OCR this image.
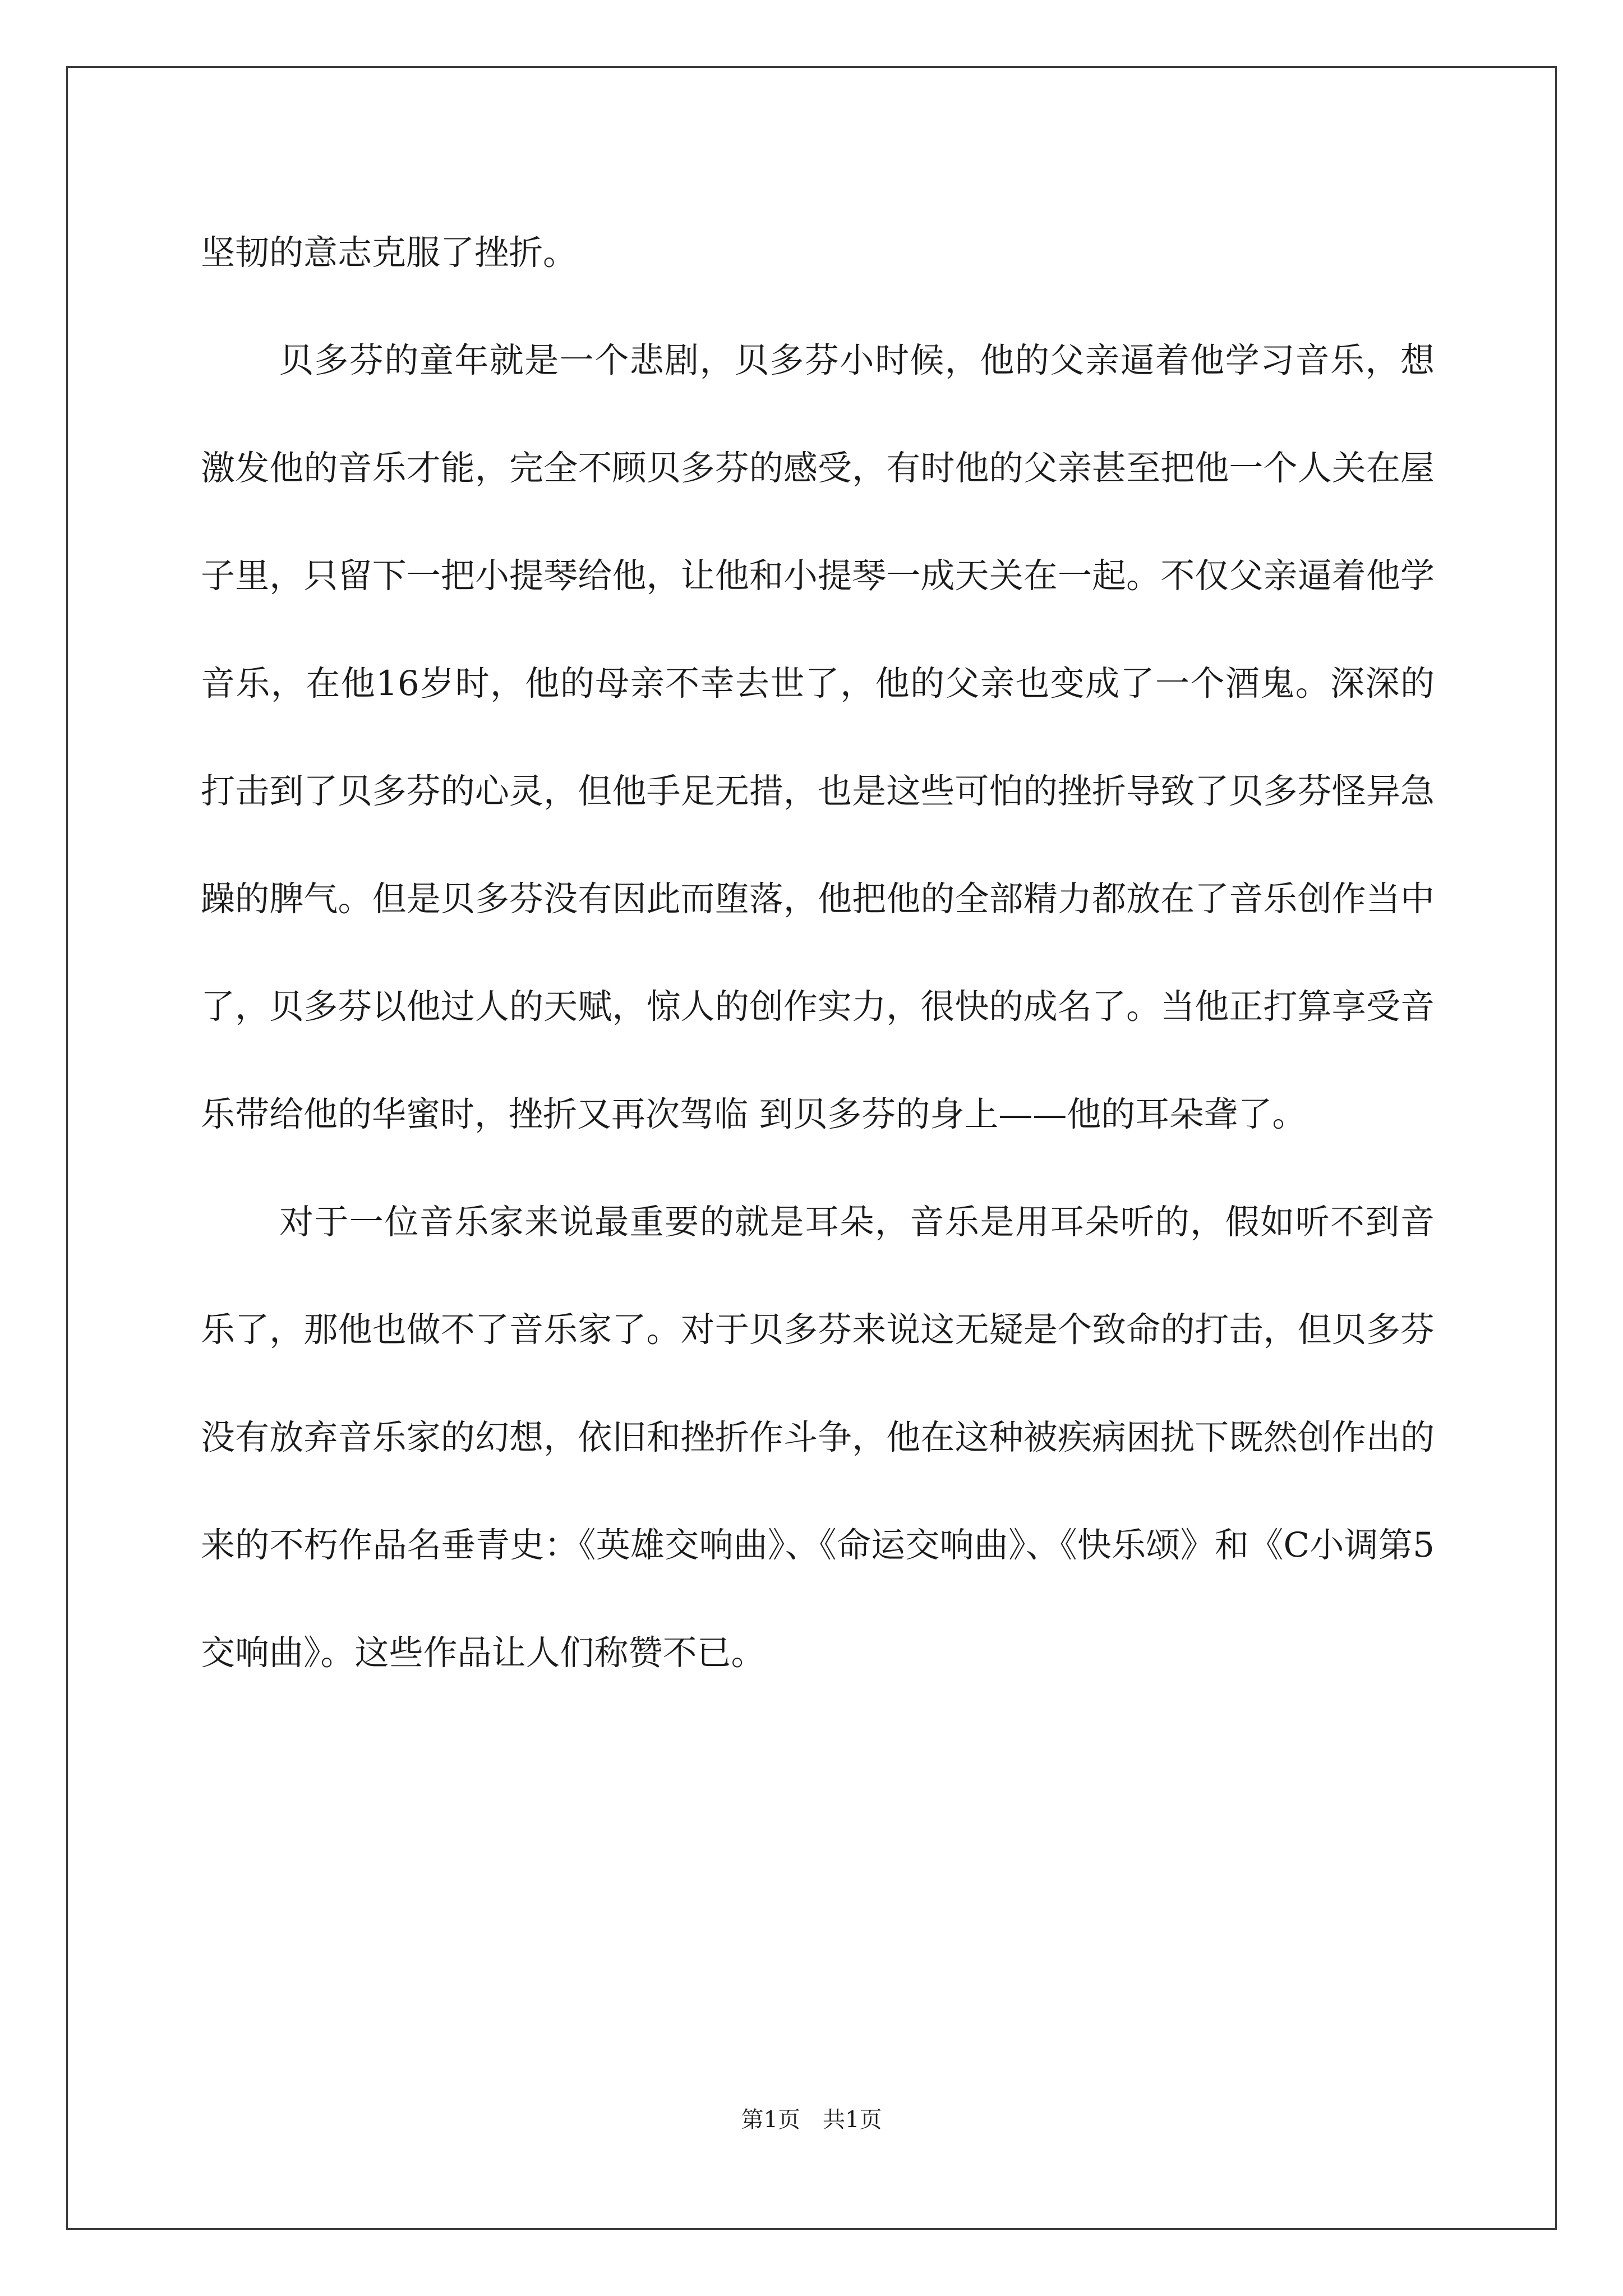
坚韧的意志克服了挫折。

贝多芬的童年就是一个悲剧，贝多芬小时候，他的父亲逼着他学习音乐，想激发他的音乐才能，完全不顾贝多芬的感受，有时他的父亲甚至把他一个人关在屋子里，只留下一把小提琴给他，让他和小提琴一成天关在一起。不仅父亲逼着他学音乐，在他16岁时，他的母亲不幸去世了，他的父亲也变成了一个酒鬼。深深的打击到了贝多芬的心灵，但他手足无措，也是这些可怕的挫折导致了贝多芬怪异急躁的脾气。但是贝多芬没有因此而堕落，他把他的全部精力都放在了音乐创作当中了，贝多芬以他过人的天赋，惊人的创作实力，很快的成名了。当他正打算享受音乐带给他的华蜜时，挫折又再次驾临 到贝多芬的身上——他的耳朵聋了。

对于一位音乐家来说最重要的就是耳朵，音乐是用耳朵听的，假如听不到音乐了，那他也做不了音乐家了。对于贝多芬来说这无疑是个致命的打击，但贝多芬没有放弃音乐家的幻想，依旧和挫折作斗争，他在这种被疾病困扰下既然创作出的来的不朽作品名垂青史：《英雄交响曲》、《命运交响曲》、《快乐颂》和《C小调第5交响曲》。这些作品让人们称赞不已。

第1页　共1页
